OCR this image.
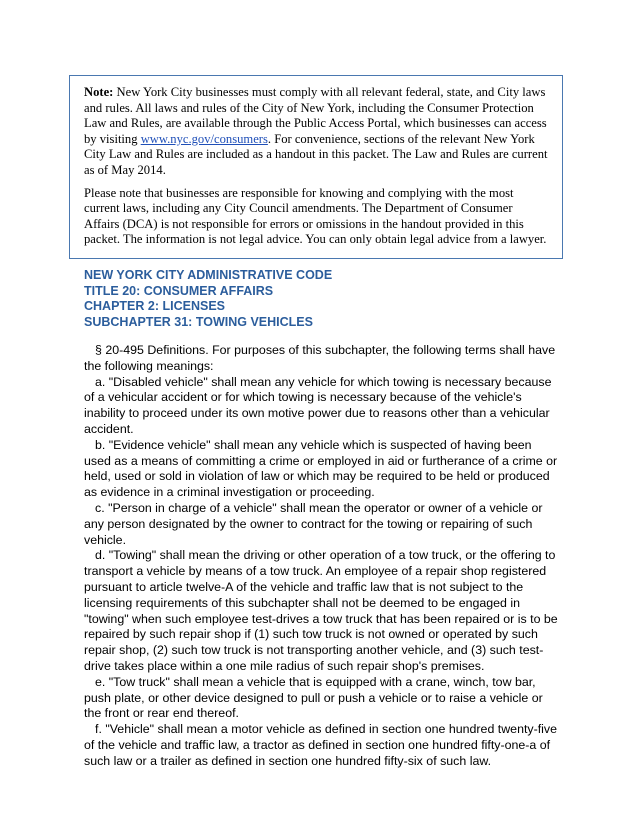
Note: New York City businesses must comply with all relevant federal, state, and City laws and rules. All laws and rules of the City of New York, including the Consumer Protection Law and Rules, are available through the Public Access Portal, which businesses can access by visiting www.nyc.gov/consumers. For convenience, sections of the relevant New York City Law and Rules are included as a handout in this packet. The Law and Rules are current as of May 2014.

Please note that businesses are responsible for knowing and complying with the most current laws, including any City Council amendments. The Department of Consumer Affairs (DCA) is not responsible for errors or omissions in the handout provided in this packet. The information is not legal advice. You can only obtain legal advice from a lawyer.

NEW YORK CITY ADMINISTRATIVE CODE
TITLE 20: CONSUMER AFFAIRS
CHAPTER 2: LICENSES
SUBCHAPTER 31: TOWING VEHICLES

§ 20-495 Definitions. For purposes of this subchapter, the following terms shall have the following meanings:

a. "Disabled vehicle" shall mean any vehicle for which towing is necessary because of a vehicular accident or for which towing is necessary because of the vehicle's inability to proceed under its own motive power due to reasons other than a vehicular accident.

b. "Evidence vehicle" shall mean any vehicle which is suspected of having been used as a means of committing a crime or employed in aid or furtherance of a crime or held, used or sold in violation of law or which may be required to be held or produced as evidence in a criminal investigation or proceeding.

c. "Person in charge of a vehicle" shall mean the operator or owner of a vehicle or any person designated by the owner to contract for the towing or repairing of such vehicle.

d. "Towing" shall mean the driving or other operation of a tow truck, or the offering to transport a vehicle by means of a tow truck. An employee of a repair shop registered pursuant to article twelve-A of the vehicle and traffic law that is not subject to the licensing requirements of this subchapter shall not be deemed to be engaged in "towing" when such employee test-drives a tow truck that has been repaired or is to be repaired by such repair shop if (1) such tow truck is not owned or operated by such repair shop, (2) such tow truck is not transporting another vehicle, and (3) such test-drive takes place within a one mile radius of such repair shop's premises.

e. "Tow truck" shall mean a vehicle that is equipped with a crane, winch, tow bar, push plate, or other device designed to pull or push a vehicle or to raise a vehicle or the front or rear end thereof.

f. "Vehicle" shall mean a motor vehicle as defined in section one hundred twenty-five of the vehicle and traffic law, a tractor as defined in section one hundred fifty-one-a of such law or a trailer as defined in section one hundred fifty-six of such law.
